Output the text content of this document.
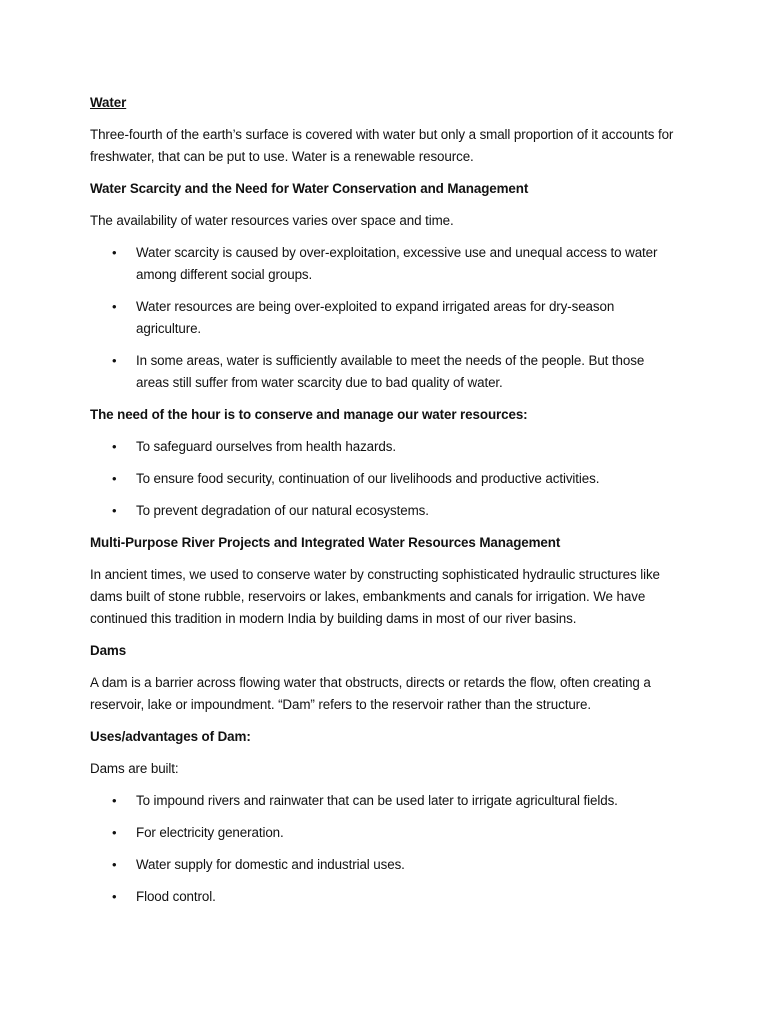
Water
Three-fourth of the earth’s surface is covered with water but only a small proportion of it accounts for freshwater, that can be put to use. Water is a renewable resource.
Water Scarcity and the Need for Water Conservation and Management
The availability of water resources varies over space and time.
• Water scarcity is caused by over-exploitation, excessive use and unequal access to water among different social groups.
• Water resources are being over-exploited to expand irrigated areas for dry-season agriculture.
• In some areas, water is sufficiently available to meet the needs of the people. But those areas still suffer from water scarcity due to bad quality of water.
The need of the hour is to conserve and manage our water resources:
• To safeguard ourselves from health hazards.
• To ensure food security, continuation of our livelihoods and productive activities.
• To prevent degradation of our natural ecosystems.
Multi-Purpose River Projects and Integrated Water Resources Management
In ancient times, we used to conserve water by constructing sophisticated hydraulic structures like dams built of stone rubble, reservoirs or lakes, embankments and canals for irrigation. We have continued this tradition in modern India by building dams in most of our river basins.
Dams
A dam is a barrier across flowing water that obstructs, directs or retards the flow, often creating a reservoir, lake or impoundment. “Dam” refers to the reservoir rather than the structure.
Uses/advantages of Dam:
Dams are built:
• To impound rivers and rainwater that can be used later to irrigate agricultural fields.
• For electricity generation.
• Water supply for domestic and industrial uses.
• Flood control.
